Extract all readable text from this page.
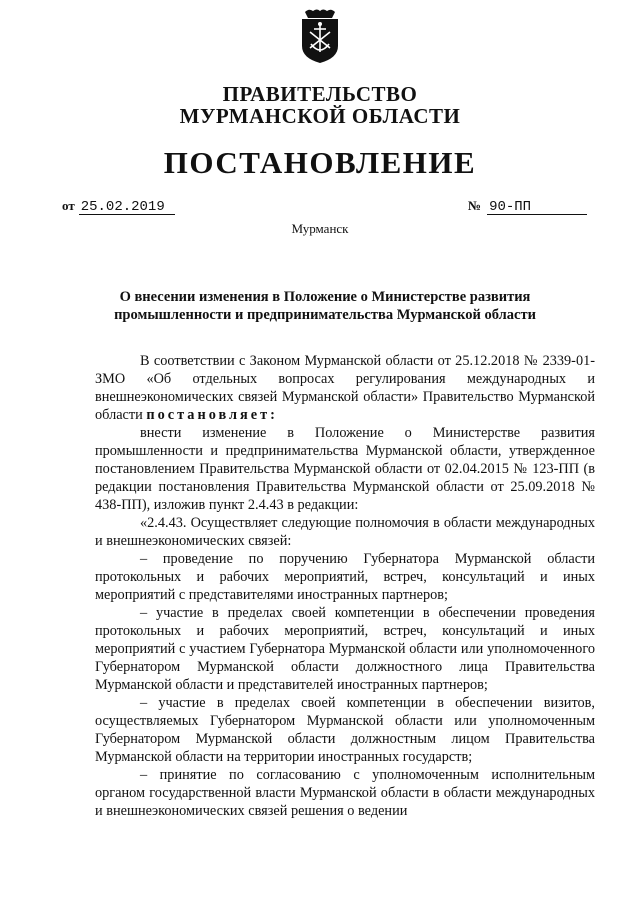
ПРАВИТЕЛЬСТВО
МУРМАНСКОЙ ОБЛАСТИ
ПОСТАНОВЛЕНИЕ
от 25.02.2019	№ 90-ПП
Мурманск
О внесении изменения в Положение о Министерстве развития
промышленности и предпринимательства Мурманской области

В соответствии с Законом Мурманской области от 25.12.2018 № 2339-01-ЗМО «Об отдельных вопросах регулирования международных и внешнеэкономических связей Мурманской области» Правительство Мурманской области постановляет:

внести изменение в Положение о Министерстве развития промышленности и предпринимательства Мурманской области, утвержденное постановлением Правительства Мурманской области от 02.04.2015 № 123-ПП (в редакции постановления Правительства Мурманской области от 25.09.2018 № 438-ПП), изложив пункт 2.4.43 в редакции:

«2.4.43. Осуществляет следующие полномочия в области международных и внешнеэкономических связей:

– проведение по поручению Губернатора Мурманской области протокольных и рабочих мероприятий, встреч, консультаций и иных мероприятий с представителями иностранных партнеров;

– участие в пределах своей компетенции в обеспечении проведения протокольных и рабочих мероприятий, встреч, консультаций и иных мероприятий с участием Губернатора Мурманской области или уполномоченного Губернатором Мурманской области должностного лица Правительства Мурманской области и представителей иностранных партнеров;

– участие в пределах своей компетенции в обеспечении визитов, осуществляемых Губернатором Мурманской области или уполномоченным Губернатором Мурманской области должностным лицом Правительства Мурманской области на территории иностранных государств;

– принятие по согласованию с уполномоченным исполнительным органом государственной власти Мурманской области в области международных и внешнеэкономических связей решения о ведении
